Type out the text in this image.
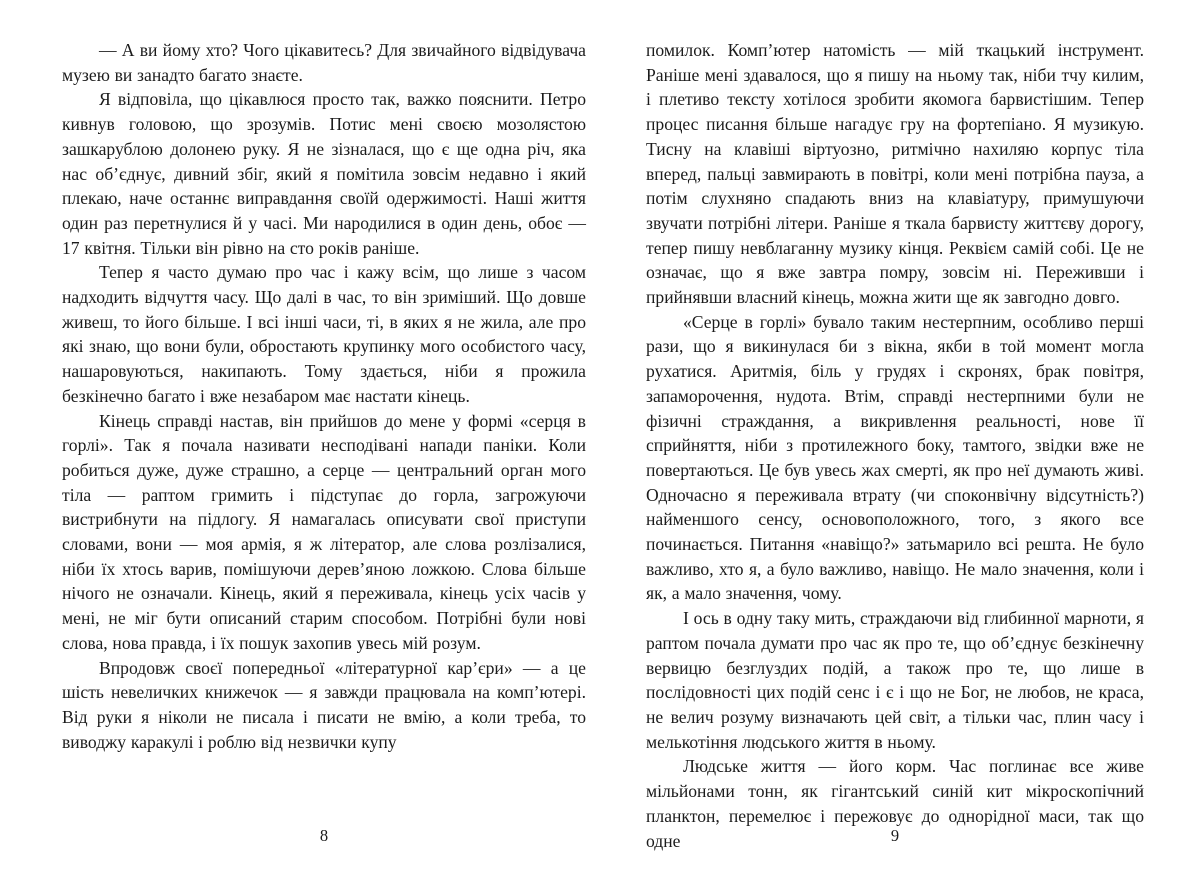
— А ви йому хто? Чого цікавитесь? Для звичайного відвідувача музею ви занадто багато знаєте.

Я відповіла, що цікавлюся просто так, важко пояснити. Петро кивнув головою, що зрозумів. Потис мені своєю мозолястою зашкарублою долонею руку. Я не зізналася, що є ще одна річ, яка нас об’єднує, дивний збіг, який я помітила зовсім недавно і який плекаю, наче останнє виправдання своїй одержимості. Наші життя один раз перетнулися й у часі. Ми народилися в один день, обоє — 17 квітня. Тільки він рівно на сто років раніше.

Тепер я часто думаю про час і кажу всім, що лише з часом надходить відчуття часу. Що далі в час, то він зриміший. Що довше живеш, то його більше. І всі інші часи, ті, в яких я не жила, але про які знаю, що вони були, обростають крупинку мого особистого часу, нашаровуються, накипають. Тому здається, ніби я прожила безкінечно багато і вже незабаром має настати кінець.

Кінець справді настав, він прийшов до мене у формі «серця в горлі». Так я почала називати несподівані напади паніки. Коли робиться дуже, дуже страшно, а серце — центральний орган мого тіла — раптом гримить і підступає до горла, загрожуючи вистрибнути на підлогу. Я намагалась описувати свої приступи словами, вони — моя армія, я ж літератор, але слова розлізалися, ніби їх хтось варив, помішуючи дерев’яною ложкою. Слова більше нічого не означали. Кінець, який я переживала, кінець усіх часів у мені, не міг бути описаний старим способом. Потрібні були нові слова, нова правда, і їх пошук захопив увесь мій розум.

Впродовж своєї попередньої «літературної кар’єри» — а це шість невеличких книжечок — я завжди працювала на комп’ютері. Від руки я ніколи не писала і писати не вмію, а коли треба, то виводжу каракулі і роблю від незвички купу

помилок. Комп’ютер натомість — мій ткацький інструмент. Раніше мені здавалося, що я пишу на ньому так, ніби тчу килим, і плетиво тексту хотілося зробити якомога барвистішим. Тепер процес писання більше нагадує гру на фортепіано. Я музикую. Тисну на клавіші віртуозно, ритмічно нахиляю корпус тіла вперед, пальці завмирають в повітрі, коли мені потрібна пауза, а потім слухняно спадають вниз на клавіатуру, примушуючи звучати потрібні літери. Раніше я ткала барвисту життєву дорогу, тепер пишу невблаганну музику кінця. Реквієм самій собі. Це не означає, що я вже завтра помру, зовсім ні. Переживши і прийнявши власний кінець, можна жити ще як завгодно довго.

«Серце в горлі» бувало таким нестерпним, особливо перші рази, що я викинулася би з вікна, якби в той момент могла рухатися. Аритмія, біль у грудях і скронях, брак повітря, запаморочення, нудота. Втім, справді нестерпними були не фізичні страждання, а викривлення реальності, нове її сприйняття, ніби з протилежного боку, тамтого, звідки вже не повертаються. Це був увесь жах смерті, як про неї думають живі. Одночасно я переживала втрату (чи споконвічну відсутність?) найменшого сенсу, основоположного, того, з якого все починається. Питання «навіщо?» затьмарило всі решта. Не було важливо, хто я, а було важливо, навіщо. Не мало значення, коли і як, а мало значення, чому.

І ось в одну таку мить, страждаючи від глибинної марноти, я раптом почала думати про час як про те, що об’єднує безкінечну вервицю безглуздих подій, а також про те, що лише в послідовності цих подій сенс і є і що не Бог, не любов, не краса, не велич розуму визначають цей світ, а тільки час, плин часу і мелькотіння людського життя в ньому.

Людське життя — його корм. Час поглинає все живе мільйонами тонн, як гігантський синій кит мікроскопічний планктон, перемелює і пережовує до однорідної маси, так що одне

8	9
